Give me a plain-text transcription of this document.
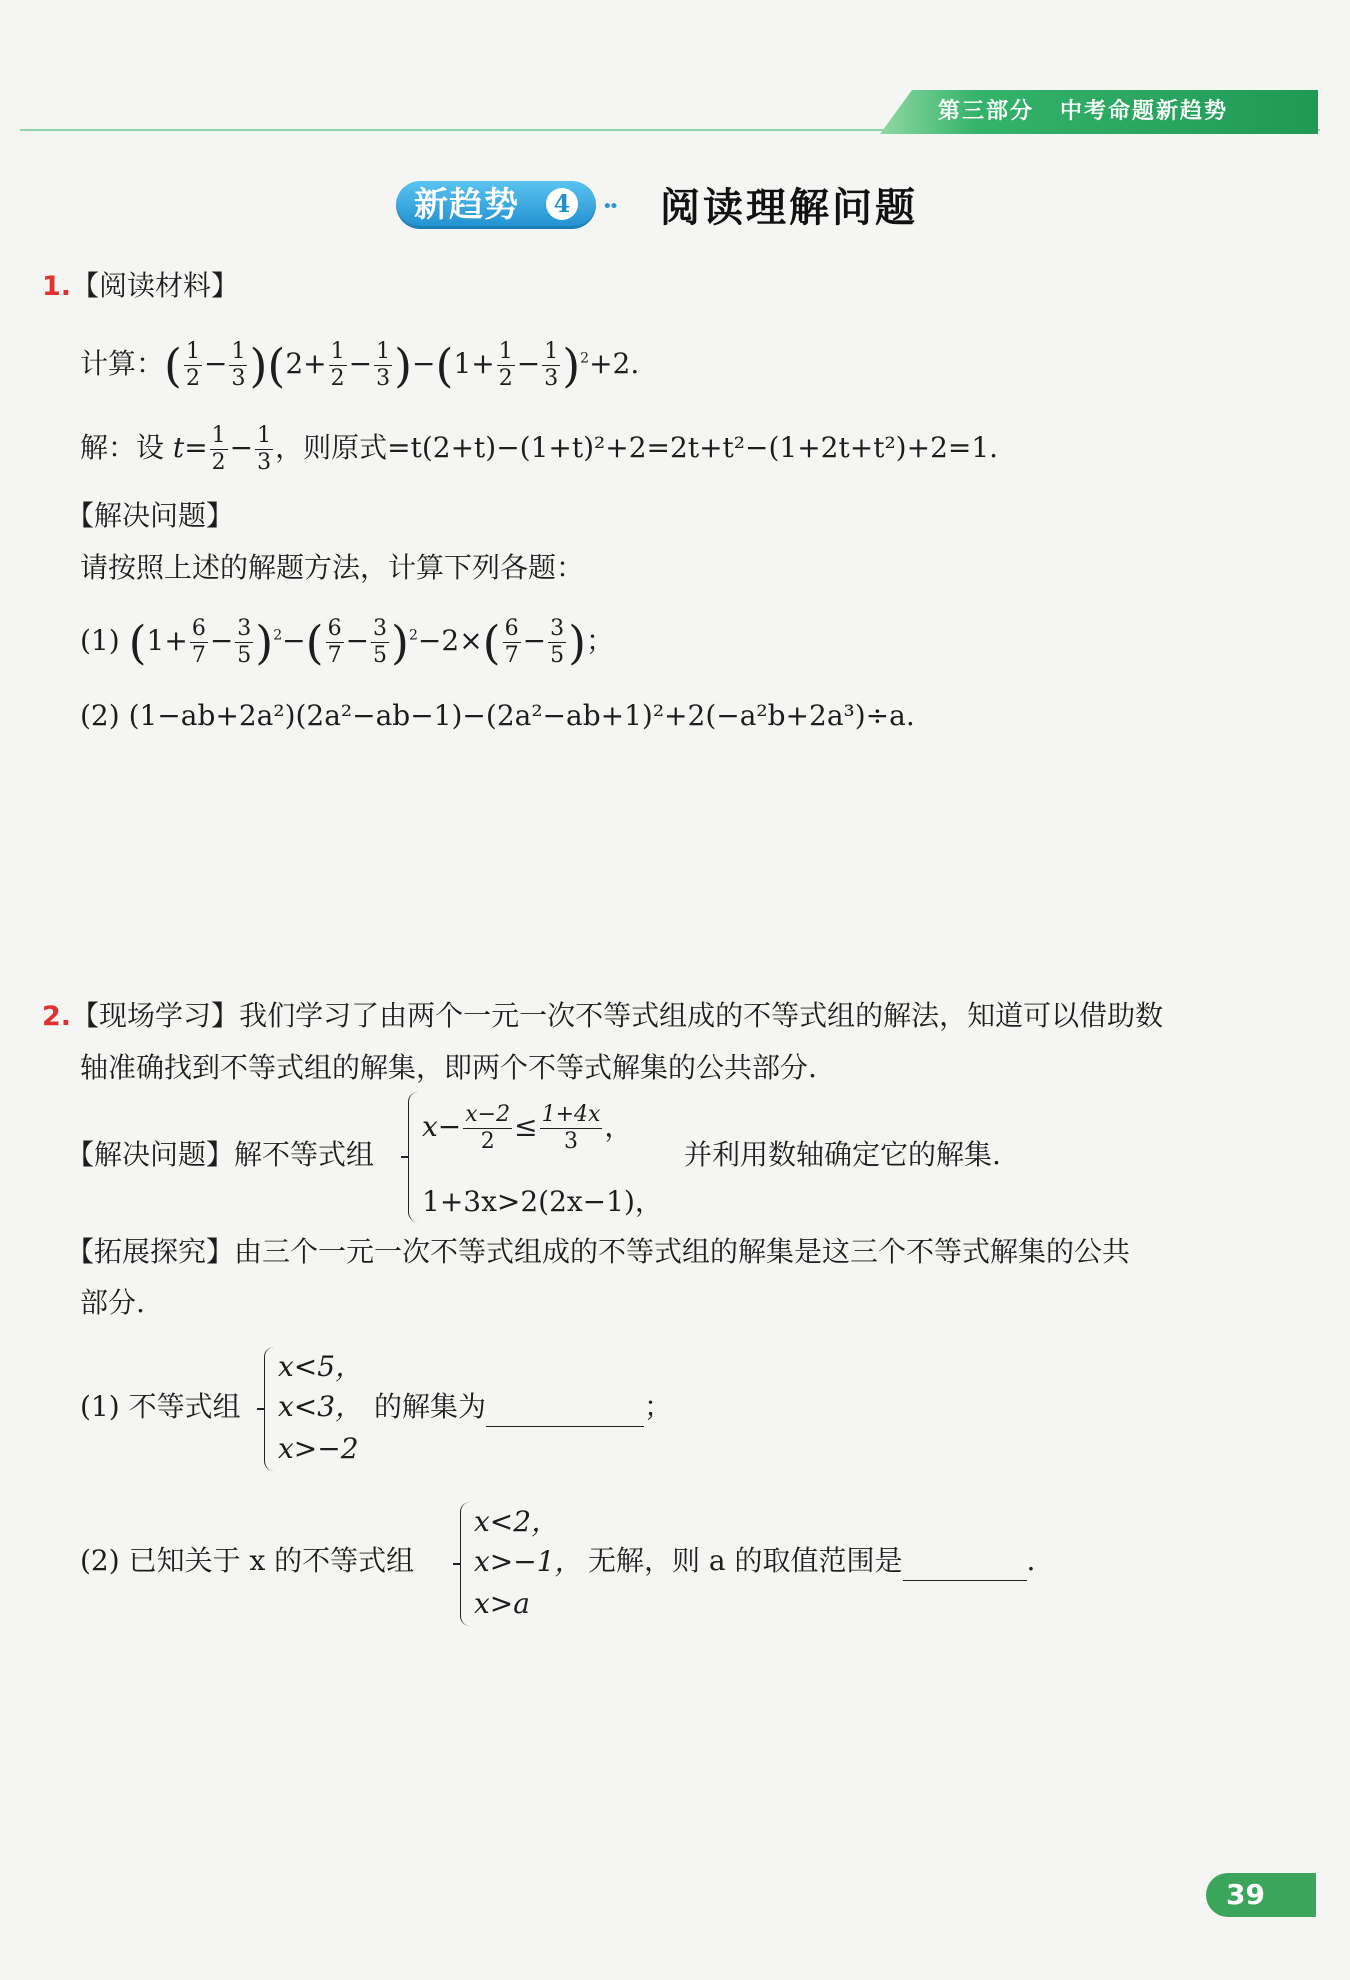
第三部分 中考命题新趋势
新趋势	4	•• 阅读理解问题
1.【阅读材料】
计算：( $\frac{1}{2} - \frac{1}{3} )(2+ \frac{1}{2} - \frac{1}{3} )-(1+ \frac{1}{2} - \frac{1}{3} )^2+2$.
解：设 $t= \frac{1}{2} - \frac{1}{3}$ ，则原式=t(2+t)−(1+t)²+2=2t+t²−(1+2t+t²)+2=1.
【解决问题】
请按照上述的解题方法，计算下列各题：
(1) $(1+ \frac{6}{7} - \frac{3}{5} )^2-( \frac{6}{7} - \frac{3}{5} )^2-2\times( \frac{6}{7} - \frac{3}{5}$ )；
(2) (1−ab+2a²)(2a²−ab−1)−(2a²−ab+1)²+2(−a²b+2a³)÷a.
2.【现场学习】我们学习了由两个一元一次不等式组成的不等式组的解法，知道可以借助数
轴准确找到不等式组的解集，即两个不等式解集的公共部分.
【解决问题】解不等式组
$x- \frac{x-2}{2} \le \frac{1+4x}{3}$ ，
1+3x>2(2x−1)，
并利用数轴确定它的解集.
【拓展探究】由三个一元一次不等式组成的不等式组的解集是这三个不等式解集的公共
部分.
(1) 不等式组
x<5，
x<3，
x>−2
的解集为	；
(2) 已知关于 x 的不等式组
x<2，
x>−1，
x>a
无解，则 a 的取值范围是	.
39
